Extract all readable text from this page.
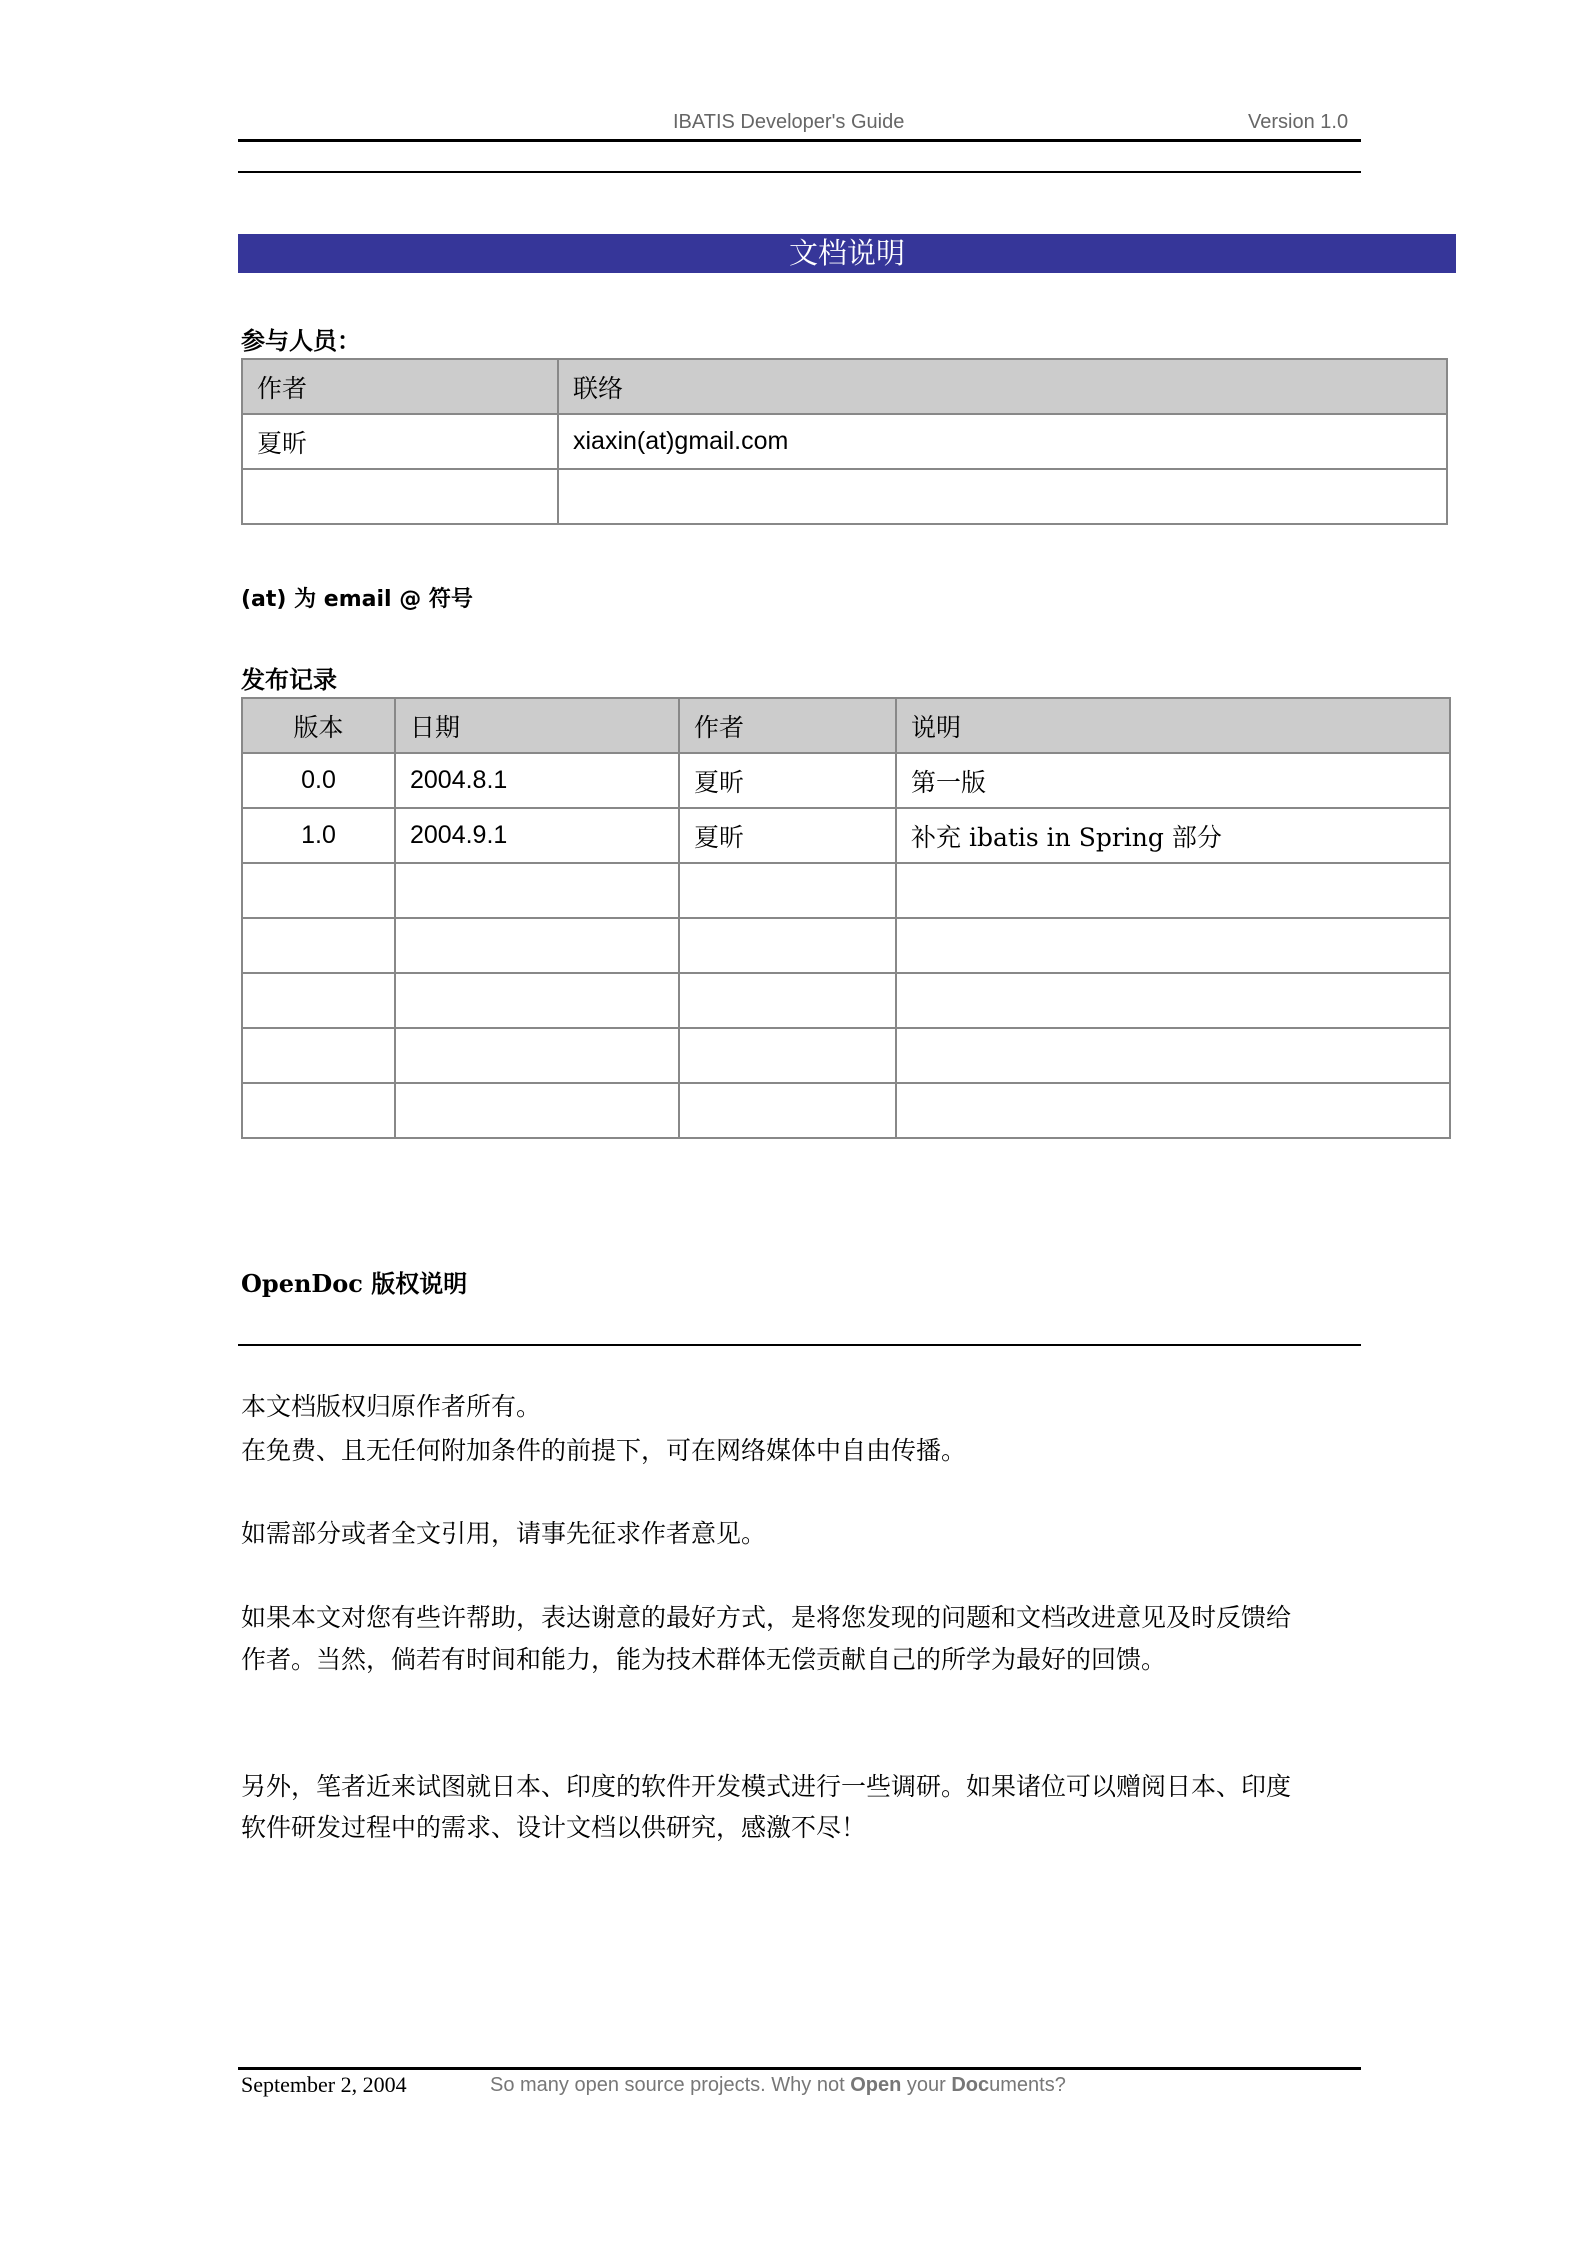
IBATIS Developer's Guide	Version 1.0
文档说明
参与人员：
作者	联络
夏昕	xiaxin(at)gmail.com

(at) 为 email @ 符号
发布记录
版本	日期	作者	说明
0.0	2004.8.1	夏昕	第一版
1.0	2004.9.1	夏昕	补充 ibatis in Spring 部分

OpenDoc 版权说明
本文档版权归原作者所有。
在免费、且无任何附加条件的前提下，可在网络媒体中自由传播。
如需部分或者全文引用，请事先征求作者意见。
如果本文对您有些许帮助，表达谢意的最好方式，是将您发现的问题和文档改进意见及时反馈给
作者。当然，倘若有时间和能力，能为技术群体无偿贡献自己的所学为最好的回馈。
另外，笔者近来试图就日本、印度的软件开发模式进行一些调研。如果诸位可以赠阅日本、印度
软件研发过程中的需求、设计文档以供研究，感激不尽！
September 2, 2004	So many open source projects. Why not Open your Documents?
